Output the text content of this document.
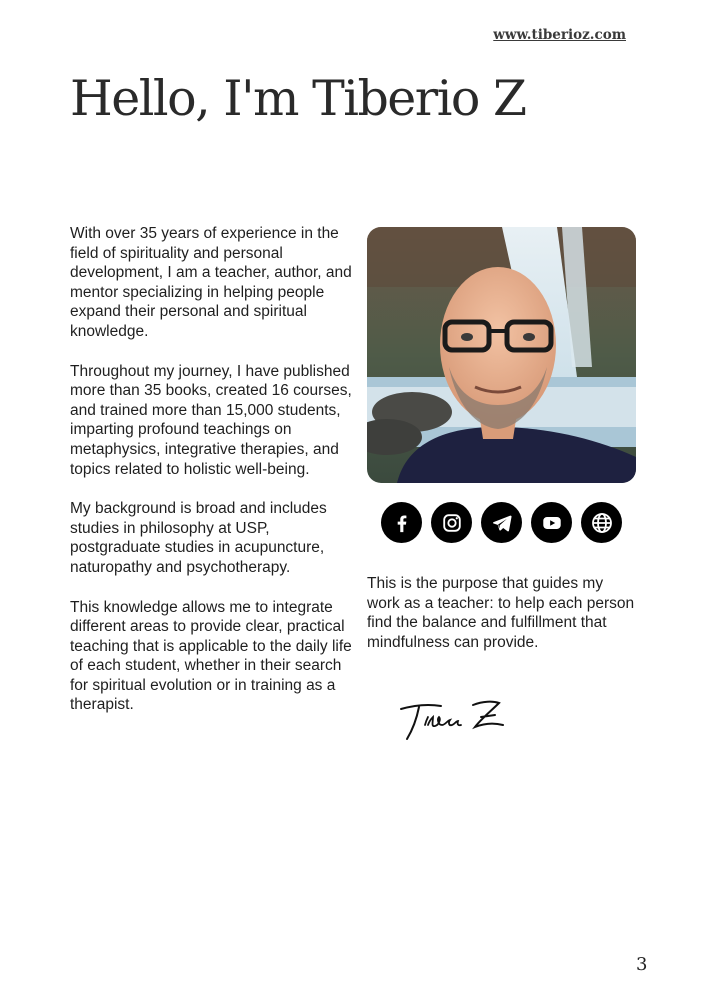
www.tiberioz.com
Hello, I'm Tiberio Z

With over 35 years of experience in the field of spirituality and personal development, I am a teacher, author, and mentor specializing in helping people expand their personal and spiritual knowledge.

Throughout my journey, I have published more than 35 books, created 16 courses, and trained more than 15,000 students, imparting profound teachings on metaphysics, integrative therapies, and topics related to holistic well-being.

My background is broad and includes studies in philosophy at USP, postgraduate studies in acupuncture, naturopathy and psychotherapy.

This knowledge allows me to integrate different areas to provide clear, practical teaching that is applicable to the daily life of each student, whether in their search for spiritual evolution or in training as a therapist.

This is the purpose that guides my work as a teacher: to help each person find the balance and fulfillment that mindfulness can provide.

3
